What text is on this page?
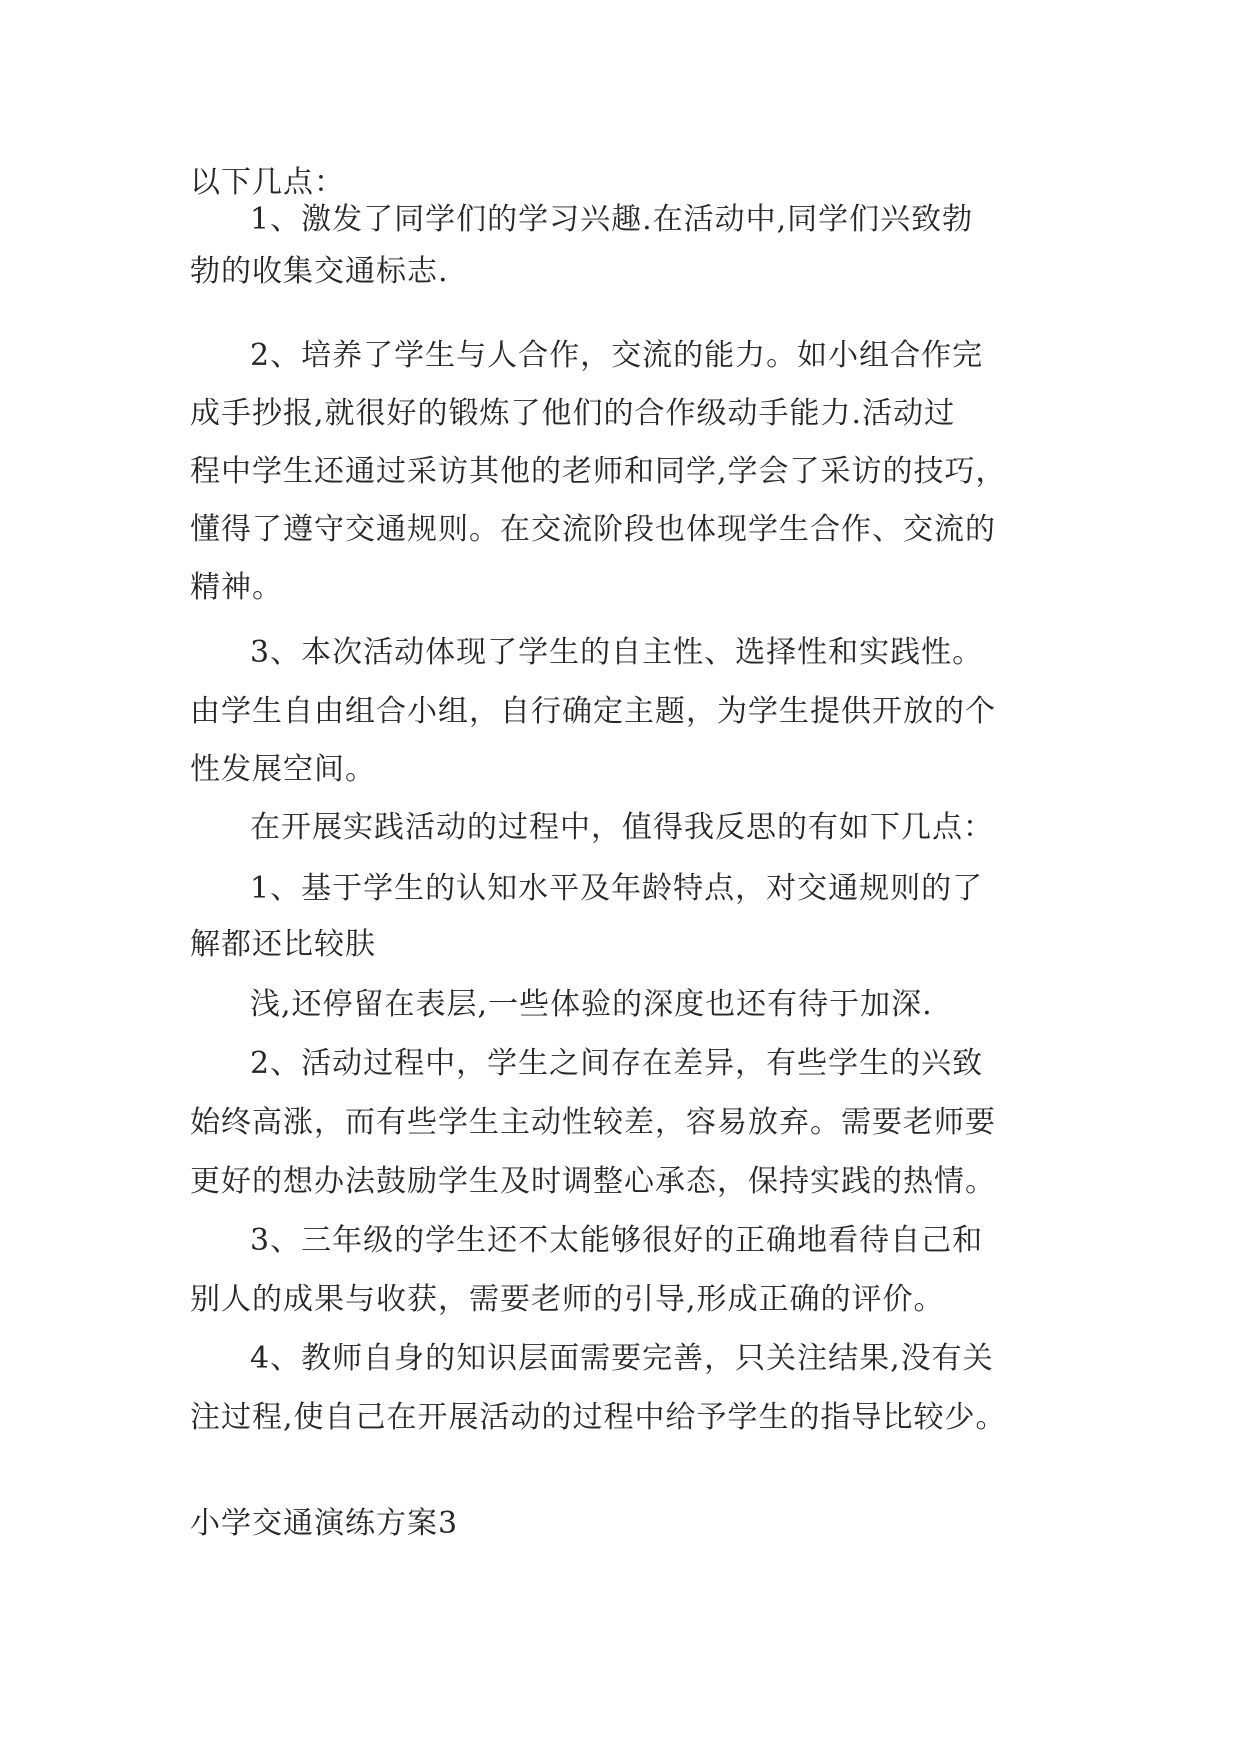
以下几点：
1、激发了同学们的学习兴趣.在活动中,同学们兴致勃
勃的收集交通标志.
2、培养了学生与人合作，交流的能力。如小组合作完
成手抄报,就很好的锻炼了他们的合作级动手能力.活动过
程中学生还通过采访其他的老师和同学,学会了采访的技巧，
懂得了遵守交通规则。在交流阶段也体现学生合作、交流的
精神。
3、本次活动体现了学生的自主性、选择性和实践性。
由学生自由组合小组，自行确定主题，为学生提供开放的个
性发展空间。
在开展实践活动的过程中，值得我反思的有如下几点：
1、基于学生的认知水平及年龄特点，对交通规则的了
解都还比较肤
浅,还停留在表层,一些体验的深度也还有待于加深.
2、活动过程中，学生之间存在差异，有些学生的兴致
始终高涨，而有些学生主动性较差，容易放弃。需要老师要
更好的想办法鼓励学生及时调整心承态，保持实践的热情。
3、三年级的学生还不太能够很好的正确地看待自己和
别人的成果与收获，需要老师的引导,形成正确的评价。
4、教师自身的知识层面需要完善，只关注结果,没有关
注过程,使自己在开展活动的过程中给予学生的指导比较少。
小学交通演练方案3
